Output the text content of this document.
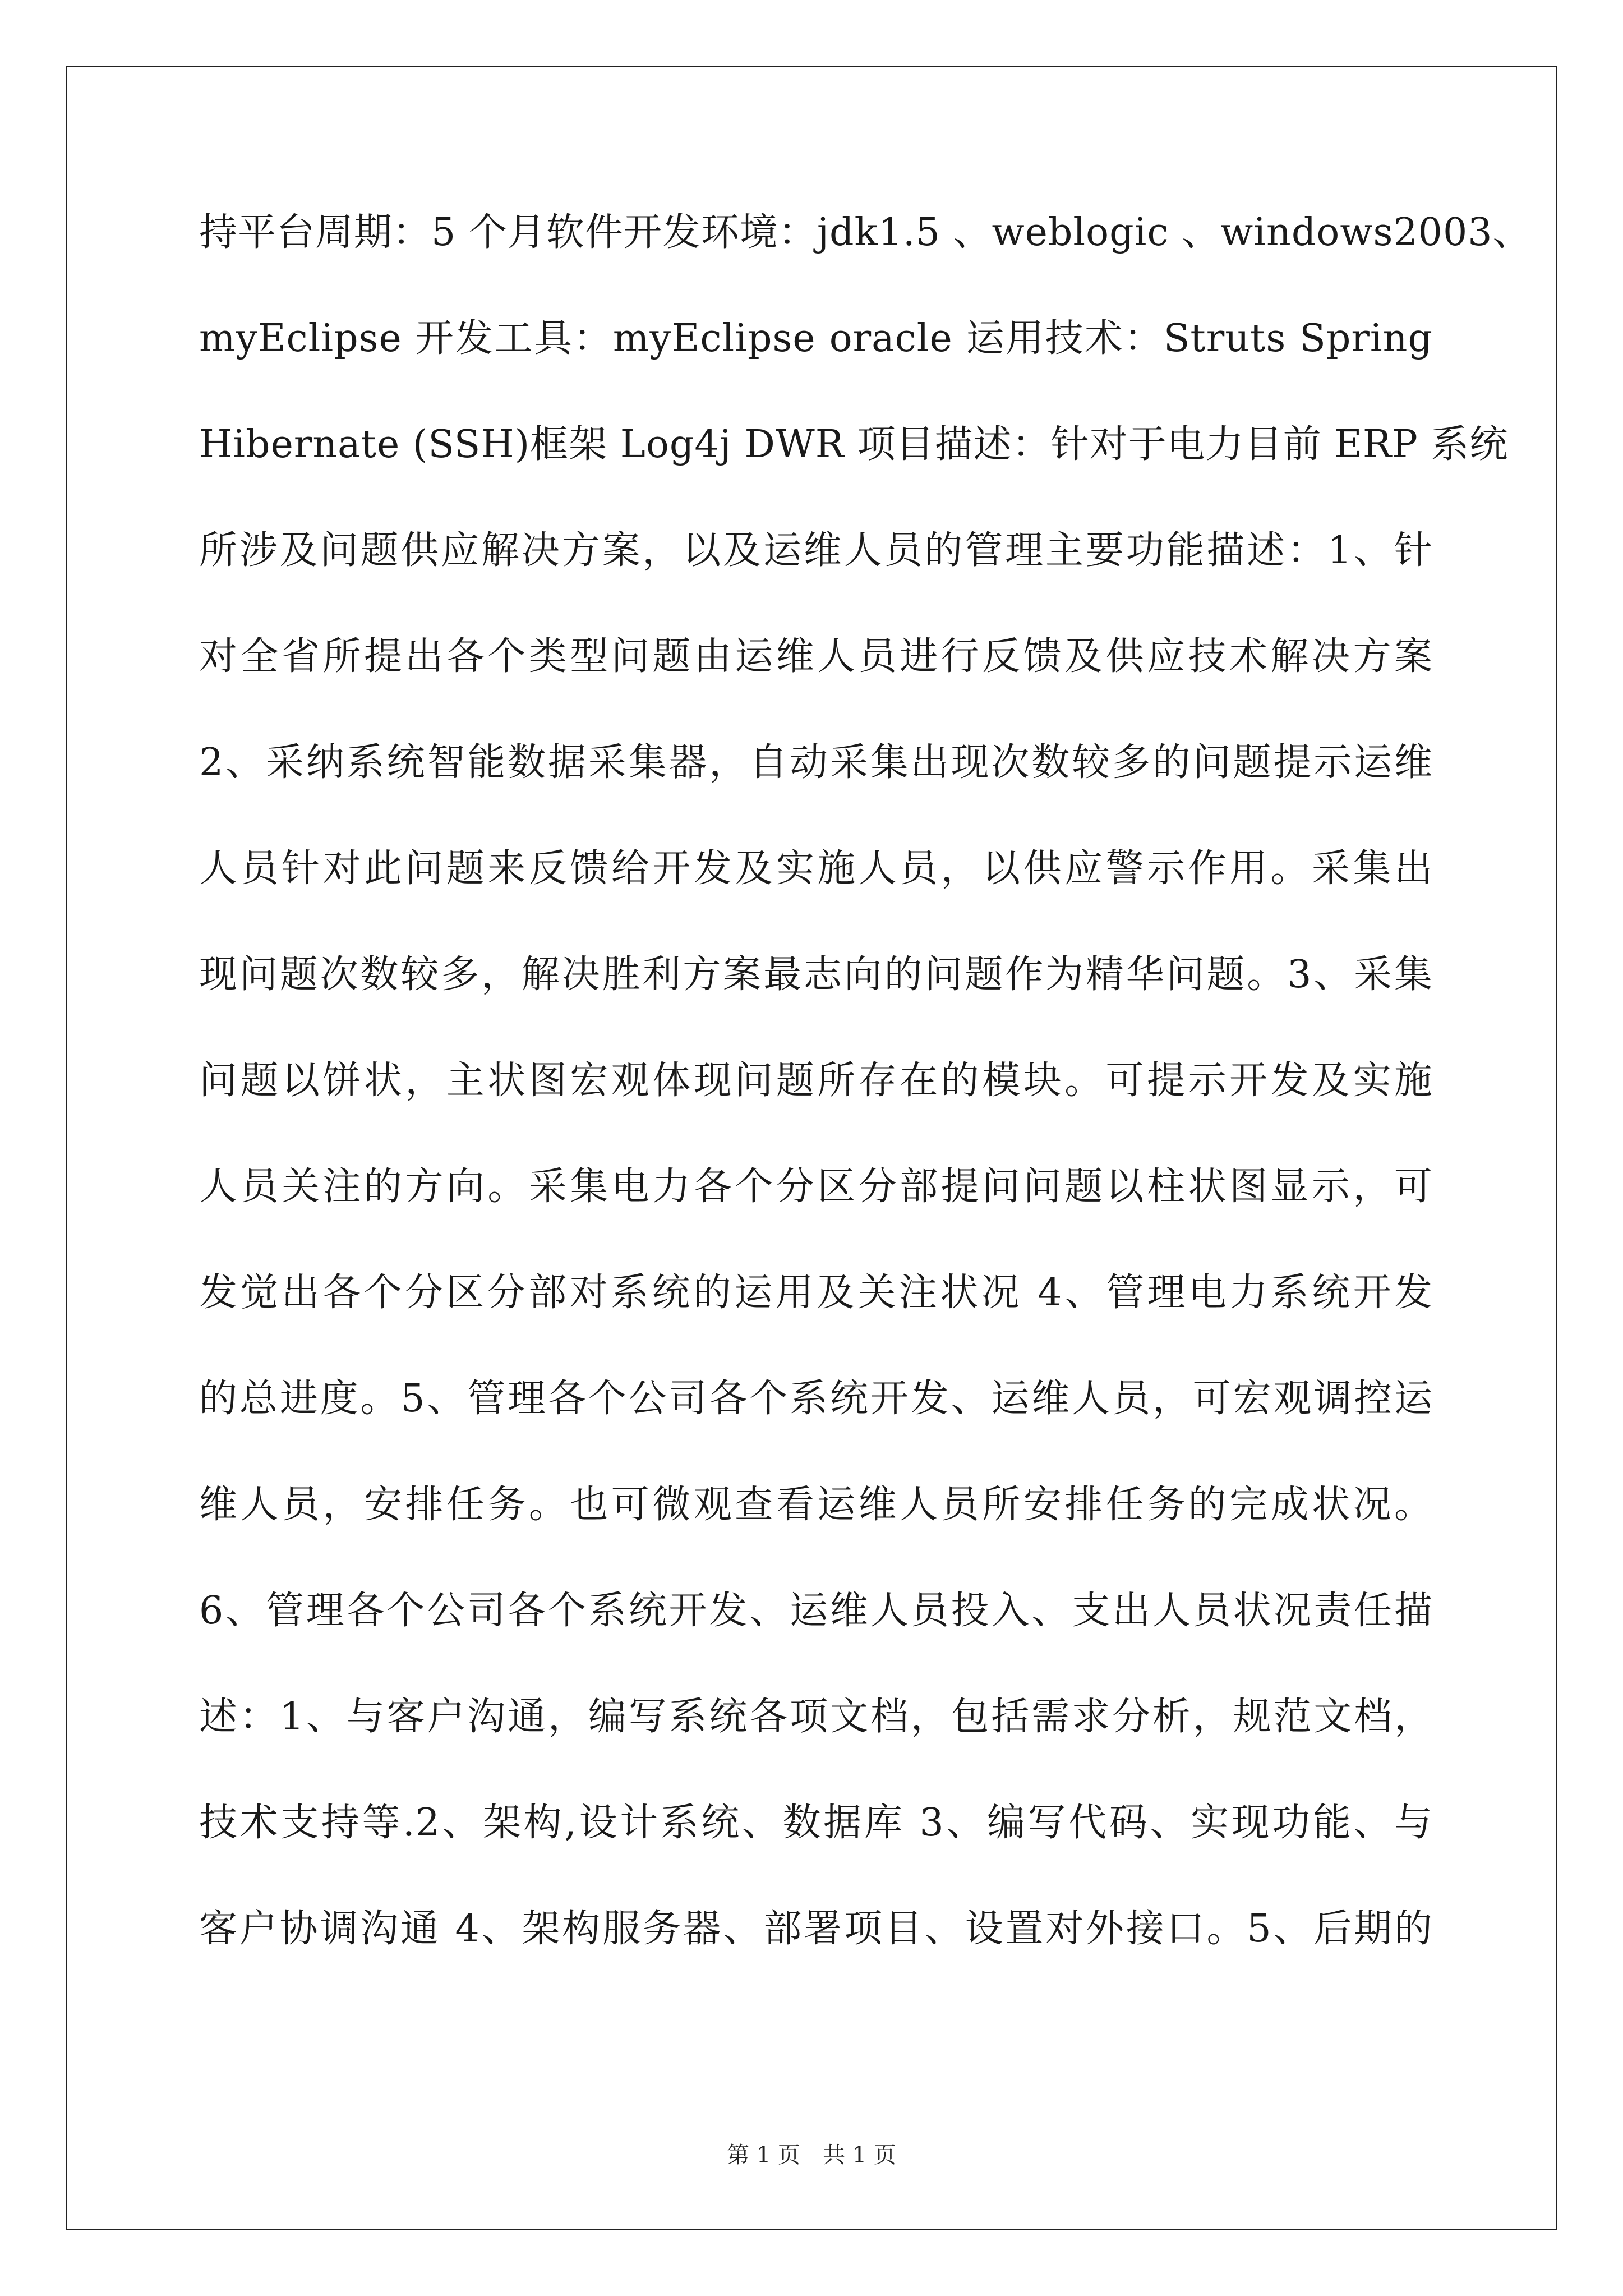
持平台周期：5 个月软件开发环境：jdk1.5 、weblogic 、windows2003、
myEclipse 开发工具：myEclipse oracle 运用技术：Struts Spring
Hibernate (SSH)框架 Log4j DWR 项目描述：针对于电力目前 ERP 系统
所涉及问题供应解决方案，以及运维人员的管理主要功能描述：1、针
对全省所提出各个类型问题由运维人员进行反馈及供应技术解决方案
2、采纳系统智能数据采集器，自动采集出现次数较多的问题提示运维
人员针对此问题来反馈给开发及实施人员，以供应警示作用。采集出
现问题次数较多，解决胜利方案最志向的问题作为精华问题。3、采集
问题以饼状，主状图宏观体现问题所存在的模块。可提示开发及实施
人员关注的方向。采集电力各个分区分部提问问题以柱状图显示，可
发觉出各个分区分部对系统的运用及关注状况 4、管理电力系统开发
的总进度。5、管理各个公司各个系统开发、运维人员，可宏观调控运
维人员，安排任务。也可微观查看运维人员所安排任务的完成状况。
6、管理各个公司各个系统开发、运维人员投入、支出人员状况责任描
述：1、与客户沟通，编写系统各项文档，包括需求分析，规范文档，
技术支持等.2、架构,设计系统、数据库 3、编写代码、实现功能、与
客户协调沟通 4、架构服务器、部署项目、设置对外接口。5、后期的
第 1 页　共 1 页
